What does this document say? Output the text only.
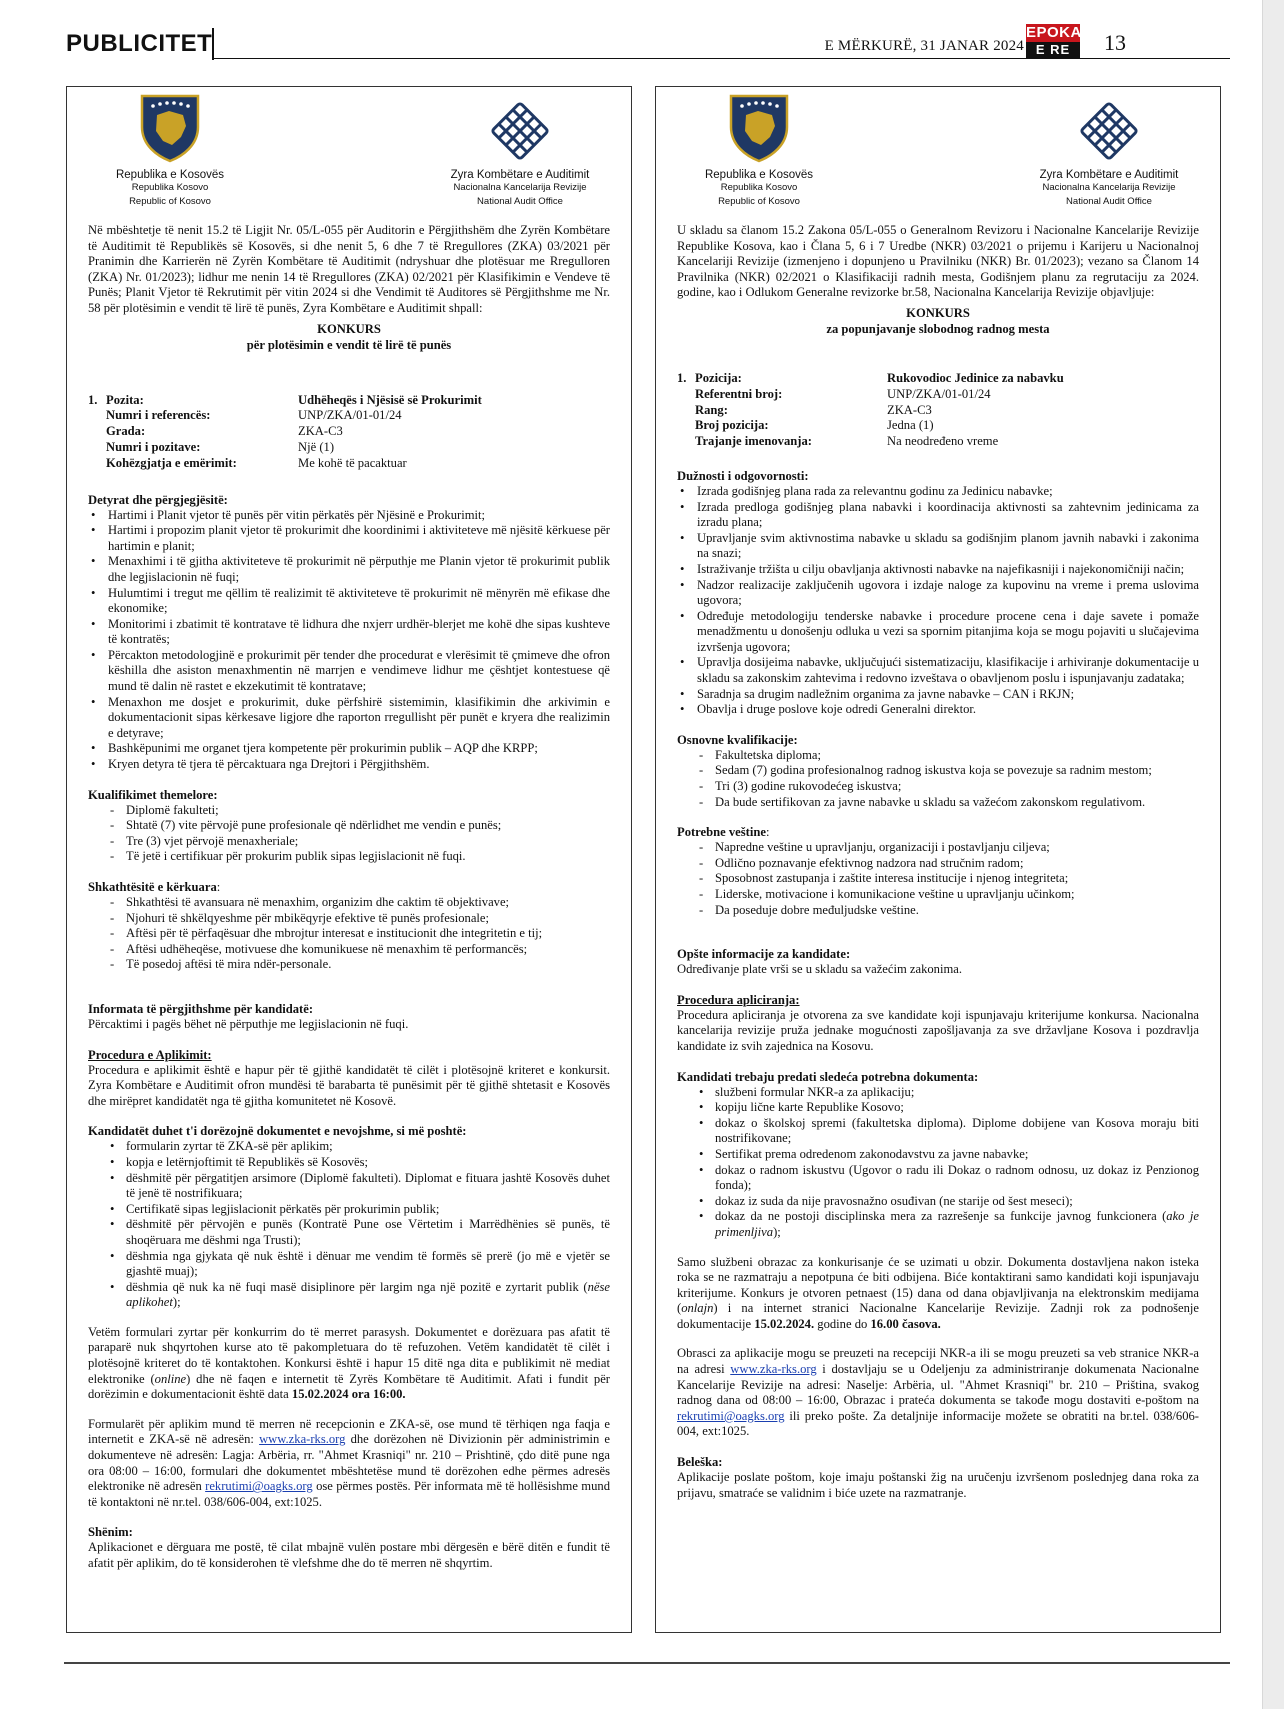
PUBLICITET	E MËRKURË, 31 JANAR 2024
EPOKA
E RE	13
Republika e Kosovës
Republika Kosovo
Republic of Kosovo
Zyra Kombëtare e Auditimit
Nacionalna Kancelarija Revizije
National Audit Office

Në mbështetje të nenit 15.2 të Ligjit Nr. 05/L-055 për Auditorin e Përgjithshëm dhe Zyrën Kombëtare të Auditimit të Republikës së Kosovës, si dhe nenit 5, 6 dhe 7 të Rregullores (ZKA) 03/2021 për Pranimin dhe Karrierën në Zyrën Kombëtare të Auditimit (ndryshuar dhe plotësuar me Rregulloren (ZKA) Nr. 01/2023); lidhur me nenin 14 të Rregullores (ZKA) 02/2021 për Klasifikimin e Vendeve të Punës; Planit Vjetor të Rekrutimit për vitin 2024 si dhe Vendimit të Auditores së Përgjithshme me Nr. 58 për plotësimin e vendit të lirë të punës, Zyra Kombëtare e Auditimit shpall:

KONKURS
për plotësimin e vendit të lirë të punës
1. Pozita:	Udhëheqës i Njësisë së Prokurimit
Numri i referencës:	UNP/ZKA/01-01/24
Grada:	ZKA-C3
Numri i pozitave:	Një (1)
Kohëzgjatja e emërimit:	Me kohë të pacaktuar
Detyrat dhe përgjegjësitë:
• Hartimi i Planit vjetor të punës për vitin përkatës për Njësinë e Prokurimit;
• Hartimi i propozim planit vjetor të prokurimit dhe koordinimi i aktiviteteve më njësitë kërkuese për hartimin e planit;
• Menaxhimi i të gjitha aktiviteteve të prokurimit në përputhje me Planin vjetor të prokurimit publik dhe legjislacionin në fuqi;
• Hulumtimi i tregut me qëllim të realizimit të aktiviteteve të prokurimit në mënyrën më efikase dhe ekonomike;
• Monitorimi i zbatimit të kontratave të lidhura dhe nxjerr urdhër-blerjet me kohë dhe sipas kushteve të kontratës;
• Përcakton metodologjinë e prokurimit për tender dhe procedurat e vlerësimit të çmimeve dhe ofron këshilla dhe asiston menaxhmentin në marrjen e vendimeve lidhur me çështjet kontestuese që mund të dalin në rastet e ekzekutimit të kontratave;
• Menaxhon me dosjet e prokurimit, duke përfshirë sistemimin, klasifikimin dhe arkivimin e dokumentacionit sipas kërkesave ligjore dhe raporton rregullisht për punët e kryera dhe realizimin e detyrave;
• Bashkëpunimi me organet tjera kompetente për prokurimin publik – AQP dhe KRPP;
• Kryen detyra të tjera të përcaktuara nga Drejtori i Përgjithshëm.
Kualifikimet themelore:
- Diplomë fakulteti;
- Shtatë (7) vite përvojë pune profesionale që ndërlidhet me vendin e punës;
- Tre (3) vjet përvojë menaxheriale;
- Të jetë i certifikuar për prokurim publik sipas legjislacionit në fuqi.
Shkathtësitë e kërkuara:
- Shkathtësi të avansuara në menaxhim, organizim dhe caktim të objektivave;
- Njohuri të shkëlqyeshme për mbikëqyrje efektive të punës profesionale;
- Aftësi për të përfaqësuar dhe mbrojtur interesat e institucionit dhe integritetin e tij;
- Aftësi udhëheqëse, motivuese dhe komunikuese në menaxhim të performancës;
- Të posedoj aftësi të mira ndër-personale.
Informata të përgjithshme për kandidatë:

Përcaktimi i pagës bëhet në përputhje me legjislacionin në fuqi.

Procedura e Aplikimit:

Procedura e aplikimit është e hapur për të gjithë kandidatët të cilët i plotësojnë kriteret e konkursit. Zyra Kombëtare e Auditimit ofron mundësi të barabarta të punësimit për të gjithë shtetasit e Kosovës dhe mirëpret kandidatët nga të gjitha komunitetet në Kosovë.

Kandidatët duhet t'i dorëzojnë dokumentet e nevojshme, si më poshtë:
• formularin zyrtar të ZKA-së për aplikim;
• kopja e letërnjoftimit të Republikës së Kosovës;
• dëshmitë për përgatitjen arsimore (Diplomë fakulteti). Diplomat e fituara jashtë Kosovës duhet të jenë të nostrifikuara;
• Certifikatë sipas legjislacionit përkatës për prokurimin publik;
• dëshmitë për përvojën e punës (Kontratë Pune ose Vërtetim i Marrëdhënies së punës, të shoqëruara me dëshmi nga Trusti);
• dëshmia nga gjykata që nuk është i dënuar me vendim të formës së prerë (jo më e vjetër se gjashtë muaj);
• dëshmia që nuk ka në fuqi masë disiplinore për largim nga një pozitë e zyrtarit publik (nëse aplikohet);

Vetëm formulari zyrtar për konkurrim do të merret parasysh. Dokumentet e dorëzuara pas afatit të paraparë nuk shqyrtohen kurse ato të pakompletuara do të refuzohen. Vetëm kandidatët të cilët i plotësojnë kriteret do të kontaktohen. Konkursi është i hapur 15 ditë nga dita e publikimit në mediat elektronike (online) dhe në faqen e internetit të Zyrës Kombëtare të Auditimit. Afati i fundit për dorëzimin e dokumentacionit është data 15.02.2024 ora 16:00.

Formularët për aplikim mund të merren në recepcionin e ZKA-së, ose mund të tërhiqen nga faqja e internetit e ZKA-së në adresën: www.zka-rks.org dhe dorëzohen në Divizionin për administrimin e dokumenteve në adresën: Lagja: Arbëria, rr. "Ahmet Krasniqi" nr. 210 – Prishtinë, çdo ditë pune nga ora 08:00 – 16:00, formulari dhe dokumentet mbështetëse mund të dorëzohen edhe përmes adresës elektronike në adresën rekrutimi@oagks.org ose përmes postës. Për informata më të hollësishme mund të kontaktoni në nr.tel. 038/606-004, ext:1025.

Shënim:

Aplikacionet e dërguara me postë, të cilat mbajnë vulën postare mbi dërgesën e bërë ditën e fundit të afatit për aplikim, do të konsiderohen të vlefshme dhe do të merren në shqyrtim.

Republika e Kosovës
Republika Kosovo
Republic of Kosovo
Zyra Kombëtare e Auditimit
Nacionalna Kancelarija Revizije
National Audit Office

U skladu sa članom 15.2 Zakona 05/L-055 o Generalnom Revizoru i Nacionalne Kancelarije Revizije Republike Kosova, kao i Člana 5, 6 i 7 Uredbe (NKR) 03/2021 o prijemu i Karijeru u Nacionalnoj Kancelariji Revizije (izmenjeno i dopunjeno u Pravilniku (NKR) Br. 01/2023); vezano sa Članom 14 Pravilnika (NKR) 02/2021 o Klasifikaciji radnih mesta, Godišnjem planu za regrutaciju za 2024. godine, kao i Odlukom Generalne revizorke br.58, Nacionalna Kancelarija Revizije objavljuje:

KONKURS
za popunjavanje slobodnog radnog mesta
1. Pozicija:	Rukovodioc Jedinice za nabavku
Referentni broj:	UNP/ZKA/01-01/24
Rang:	ZKA-C3
Broj pozicija:	Jedna (1)
Trajanje imenovanja:	Na neodređeno vreme
Dužnosti i odgovornosti:
• Izrada godišnjeg plana rada za relevantnu godinu za Jedinicu nabavke;
• Izrada predloga godišnjeg plana nabavki i koordinacija aktivnosti sa zahtevnim jedinicama za izradu plana;
• Upravljanje svim aktivnostima nabavke u skladu sa godišnjim planom javnih nabavki i zakonima na snazi;
• Istraživanje tržišta u cilju obavljanja aktivnosti nabavke na najefikasniji i najekonomičniji način;
• Nadzor realizacije zaključenih ugovora i izdaje naloge za kupovinu na vreme i prema uslovima ugovora;
• Određuje metodologiju tenderske nabavke i procedure procene cena i daje savete i pomaže menadžmentu u donošenju odluka u vezi sa spornim pitanjima koja se mogu pojaviti u slučajevima izvršenja ugovora;
• Upravlja dosijeima nabavke, uključujući sistematizaciju, klasifikacije i arhiviranje dokumentacije u skladu sa zakonskim zahtevima i redovno izveštava o obavljenom poslu i ispunjavanju zadataka;
• Saradnja sa drugim nadležnim organima za javne nabavke – CAN i RKJN;
• Obavlja i druge poslove koje odredi Generalni direktor.
Osnovne kvalifikacije:
- Fakultetska diploma;
- Sedam (7) godina profesionalnog radnog iskustva koja se povezuje sa radnim mestom;
- Tri (3) godine rukovodećeg iskustva;
- Da bude sertifikovan za javne nabavke u skladu sa važećom zakonskom regulativom.
Potrebne veštine:
- Napredne veštine u upravljanju, organizaciji i postavljanju ciljeva;
- Odlično poznavanje efektivnog nadzora nad stručnim radom;
- Sposobnost zastupanja i zaštite interesa institucije i njenog integriteta;
- Liderske, motivacione i komunikacione veštine u upravljanju učinkom;
- Da poseduje dobre međuljudske veštine.
Opšte informacije za kandidate:

Određivanje plate vrši se u skladu sa važećim zakonima.

Procedura apliciranja:

Procedura apliciranja je otvorena za sve kandidate koji ispunjavaju kriterijume konkursa. Nacionalna kancelarija revizije pruža jednake mogućnosti zapošljavanja za sve državljane Kosova i pozdravlja kandidate iz svih zajednica na Kosovu.

Kandidati trebaju predati sledeća potrebna dokumenta:
• službeni formular NKR-a za aplikaciju;
• kopiju lične karte Republike Kosovo;
• dokaz o školskoj spremi (fakultetska diploma). Diplome dobijene van Kosova moraju biti nostrifikovane;
• Sertifikat prema odredenom zakonodavstvu za javne nabavke;
• dokaz o radnom iskustvu (Ugovor o radu ili Dokaz o radnom odnosu, uz dokaz iz Penzionog fonda);
• dokaz iz suda da nije pravosnažno osuđivan (ne starije od šest meseci);
• dokaz da ne postoji disciplinska mera za razrešenje sa funkcije javnog funkcionera (ako je primenljiva);

Samo službeni obrazac za konkurisanje će se uzimati u obzir. Dokumenta dostavljena nakon isteka roka se ne razmatraju a nepotpuna će biti odbijena. Biće kontaktirani samo kandidati koji ispunjavaju kriterijume. Konkurs je otvoren petnaest (15) dana od dana objavljivanja na elektronskim medijama (onlajn) i na internet stranici Nacionalne Kancelarije Revizije. Zadnji rok za podnošenje dokumentacije 15.02.2024. godine do 16.00 časova.

Obrasci za aplikacije mogu se preuzeti na recepciji NKR-a ili se mogu preuzeti sa veb stranice NKR-a na adresi www.zka-rks.org i dostavljaju se u Odeljenju za administriranje dokumenata Nacionalne Kancelarije Revizije na adresi: Naselje: Arbëria, ul. "Ahmet Krasniqi" br. 210 – Priština, svakog radnog dana od 08:00 – 16:00, Obrazac i prateća dokumenta se takođe mogu dostaviti e-poštom na rekrutimi@oagks.org ili preko pošte. Za detaljnije informacije možete se obratiti na br.tel. 038/606-004, ext:1025.

Beleška:

Aplikacije poslate poštom, koje imaju poštanski žig na uručenju izvršenom poslednjeg dana roka za prijavu, smatraće se validnim i biće uzete na razmatranje.
